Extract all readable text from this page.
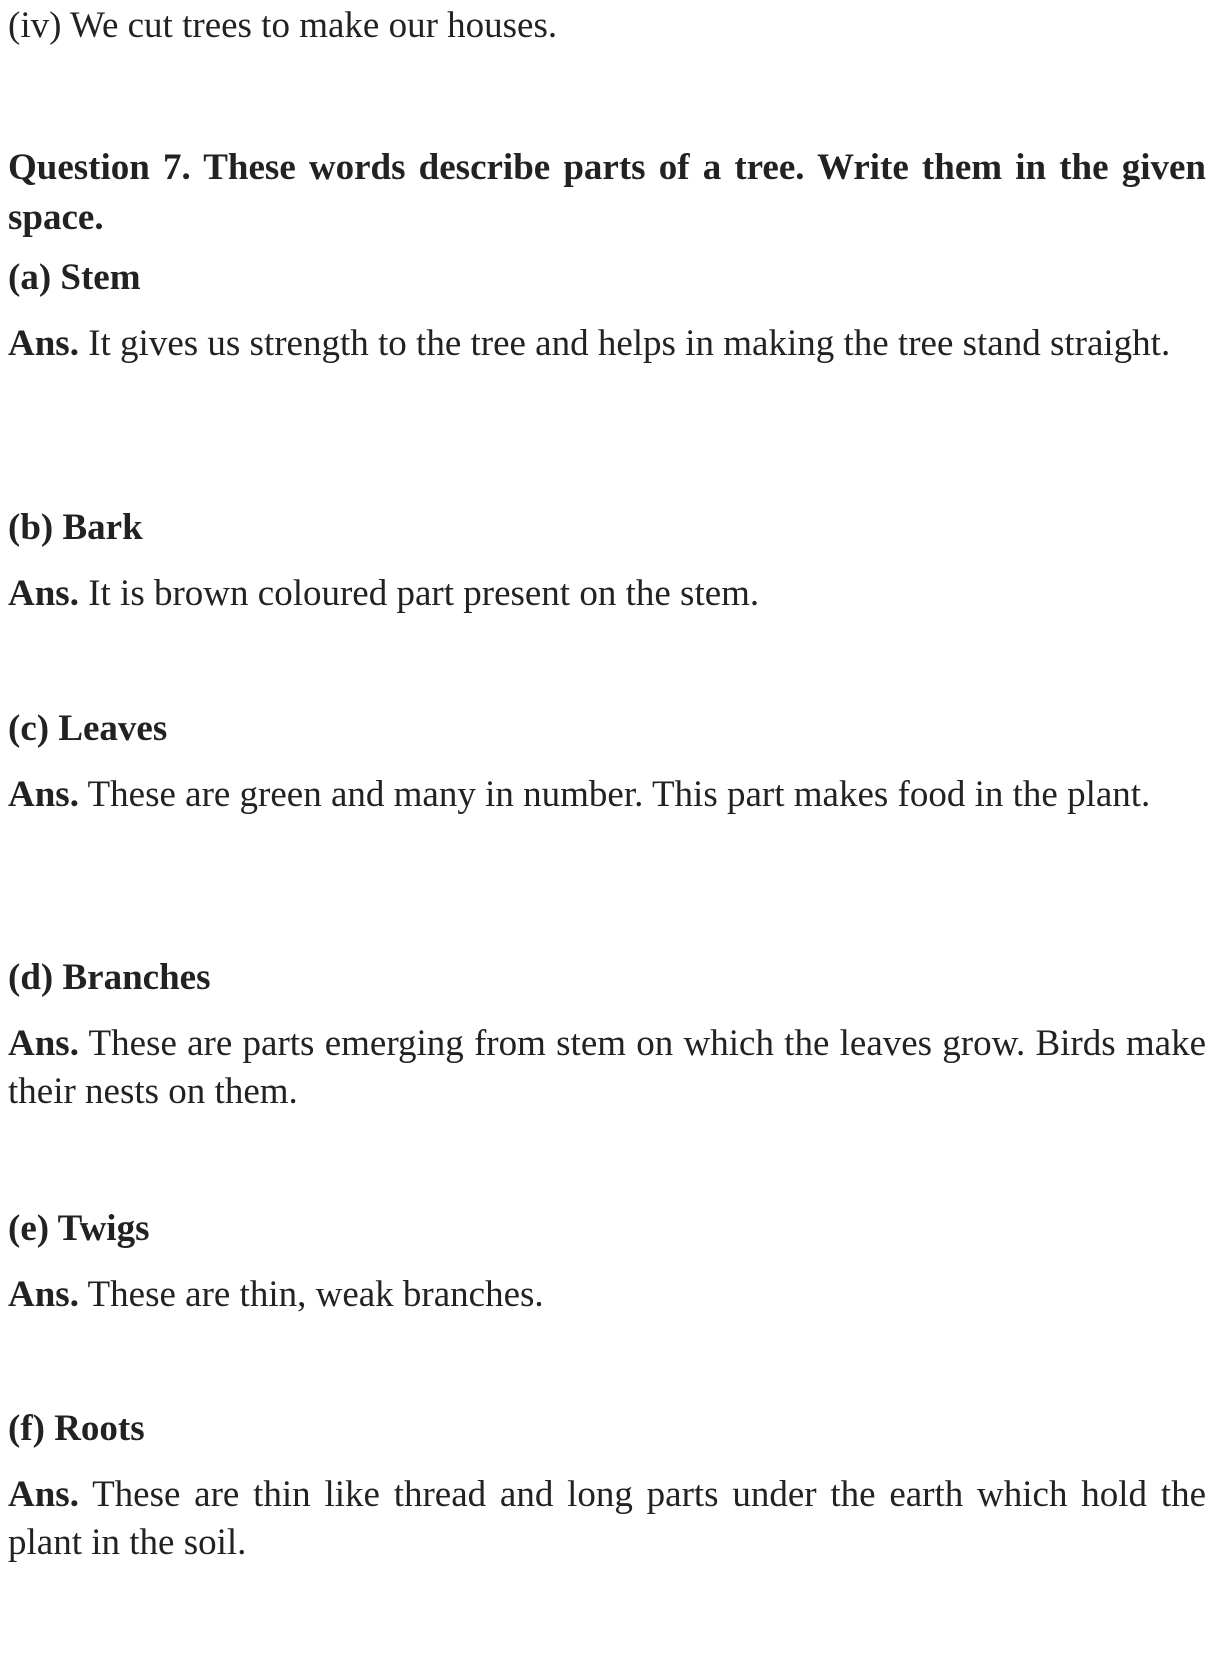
(iv) We cut trees to make our houses.

Question 7. These words describe parts of a tree. Write them in the given space.

(a) Stem

Ans. It gives us strength to the tree and helps in making the tree stand straight.

(b) Bark

Ans. It is brown coloured part present on the stem.

(c) Leaves

Ans. These are green and many in number. This part makes food in the plant.

(d) Branches

Ans. These are parts emerging from stem on which the leaves grow. Birds make their nests on them.

(e) Twigs

Ans. These are thin, weak branches.

(f) Roots

Ans. These are thin like thread and long parts under the earth which hold the plant in the soil.
